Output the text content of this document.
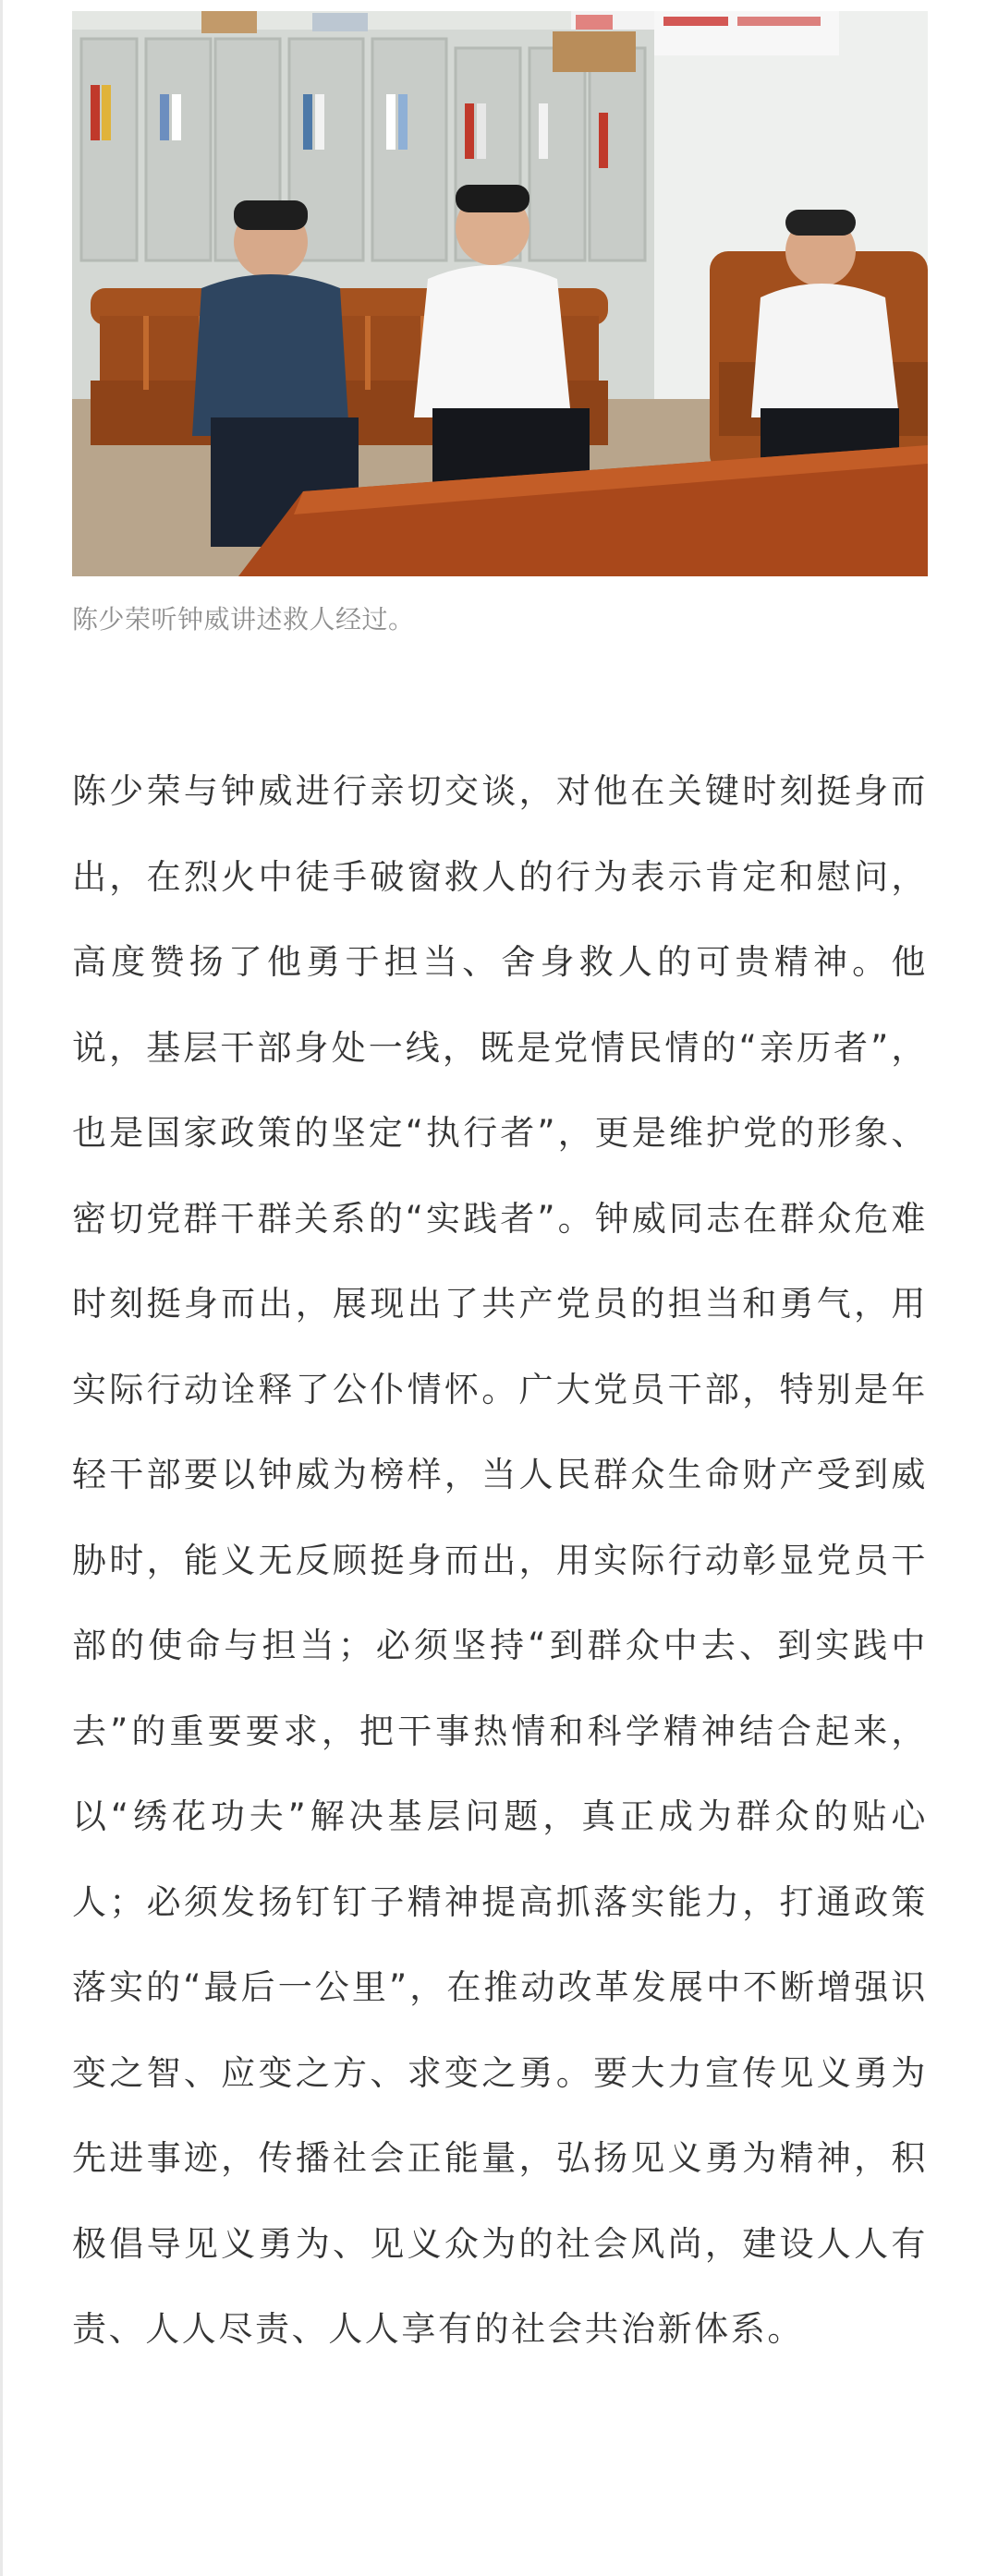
陈少荣听钟威讲述救人经过。

陈少荣与钟威进行亲切交谈，对他在关键时刻挺身而出，在烈火中徒手破窗救人的行为表示肯定和慰问，高度赞扬了他勇于担当、舍身救人的可贵精神。他说，基层干部身处一线，既是党情民情的“亲历者”，也是国家政策的坚定“执行者”，更是维护党的形象、密切党群干群关系的“实践者”。钟威同志在群众危难时刻挺身而出，展现出了共产党员的担当和勇气，用实际行动诠释了公仆情怀。广大党员干部，特别是年轻干部要以钟威为榜样，当人民群众生命财产受到威胁时，能义无反顾挺身而出，用实际行动彰显党员干部的使命与担当；必须坚持“到群众中去、到实践中去”的重要要求，把干事热情和科学精神结合起来，以“绣花功夫”解决基层问题，真正成为群众的贴心人；必须发扬钉钉子精神提高抓落实能力，打通政策落实的“最后一公里”，在推动改革发展中不断增强识变之智、应变之方、求变之勇。要大力宣传见义勇为先进事迹，传播社会正能量，弘扬见义勇为精神，积极倡导见义勇为、见义众为的社会风尚，建设人人有责、人人尽责、人人享有的社会共治新体系。
